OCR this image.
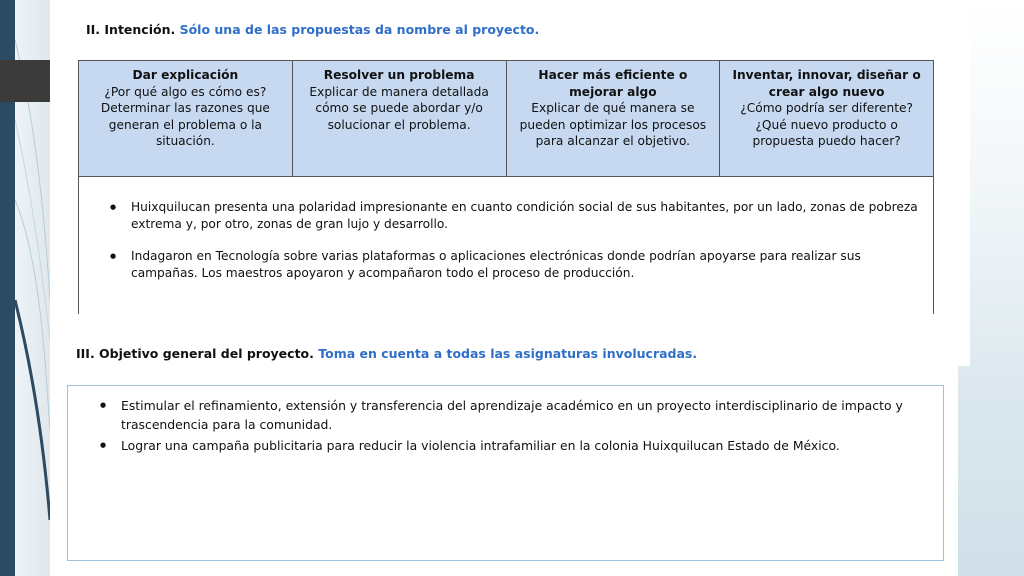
II. Intención. Sólo una de las propuestas da nombre al proyecto.
Dar explicación
¿Por qué algo es cómo es? Determinar las razones que generan el problema o la situación.
Resolver un problema
Explicar de manera detallada cómo se puede abordar y/o solucionar el problema.
Hacer más eficiente o mejorar algo
Explicar de qué manera se pueden optimizar los procesos para alcanzar el objetivo.
Inventar, innovar, diseñar o crear algo nuevo
¿Cómo podría ser diferente? ¿Qué nuevo producto o propuesta puedo hacer?
● Huixquilucan presenta una polaridad impresionante en cuanto condición social de sus habitantes, por un lado, zonas de pobreza extrema y, por otro, zonas de gran lujo y desarrollo.
● Indagaron en Tecnología sobre varias plataformas o aplicaciones electrónicas donde podrían apoyarse para realizar sus campañas. Los maestros apoyaron y acompañaron todo el proceso de producción.
III. Objetivo general del proyecto. Toma en cuenta a todas las asignaturas involucradas.
● Estimular el refinamiento, extensión y transferencia del aprendizaje académico en un proyecto interdisciplinario de impacto y trascendencia para la comunidad.
● Lograr una campaña publicitaria para reducir la violencia intrafamiliar en la colonia Huixquilucan Estado de México.
